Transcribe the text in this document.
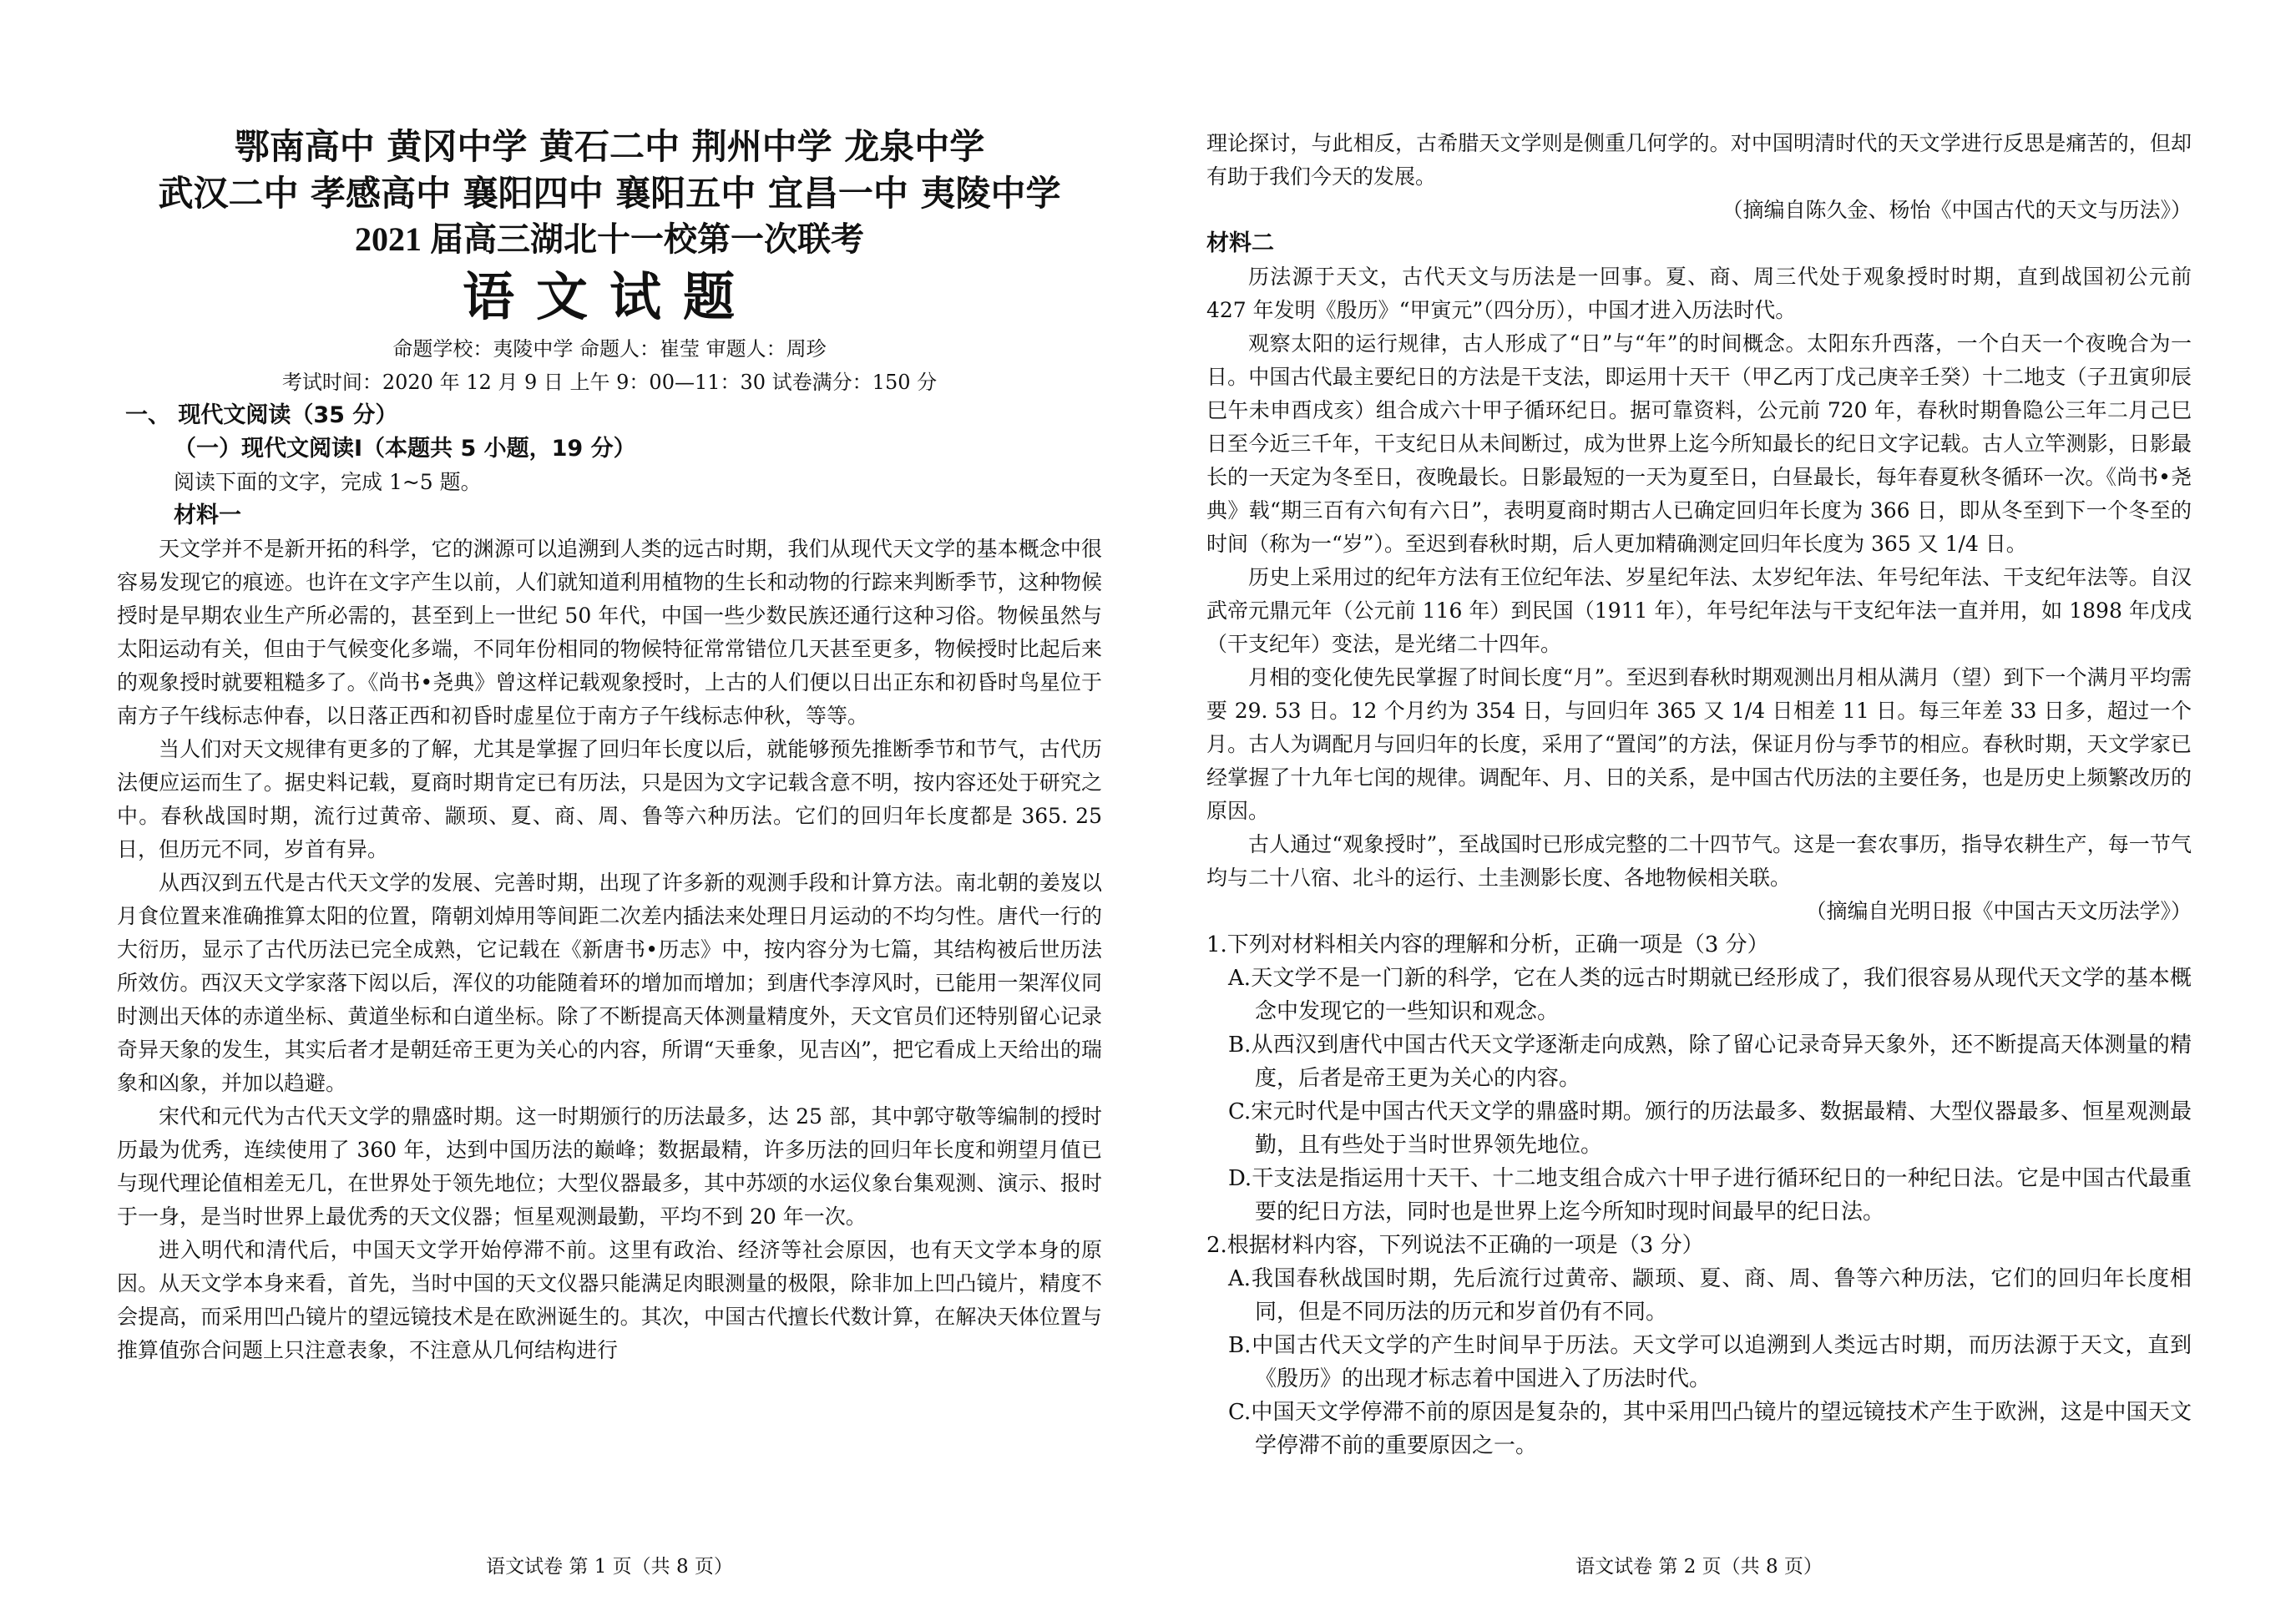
鄂南高中 黄冈中学 黄石二中 荆州中学 龙泉中学
武汉二中 孝感高中 襄阳四中 襄阳五中 宜昌一中 夷陵中学
2021 届高三湖北十一校第一次联考
语文试题
命题学校：夷陵中学 命题人：崔莹 审题人：周珍
考试时间：2020 年 12 月 9 日 上午 9：00—11：30 试卷满分：150 分
一、 现代文阅读（35 分）
（一）现代文阅读Ⅰ（本题共 5 小题，19 分）
阅读下面的文字，完成 1~5 题。
材料一

天文学并不是新开拓的科学，它的渊源可以追溯到人类的远古时期，我们从现代天文学的基本概念中很容易发现它的痕迹。也许在文字产生以前，人们就知道利用植物的生长和动物的行踪来判断季节，这种物候授时是早期农业生产所必需的，甚至到上一世纪 50 年代，中国一些少数民族还通行这种习俗。物候虽然与太阳运动有关，但由于气候变化多端，不同年份相同的物候特征常常错位几天甚至更多，物候授时比起后来的观象授时就要粗糙多了。《尚书•尧典》曾这样记载观象授时，上古的人们便以日出正东和初昏时鸟星位于南方子午线标志仲春，以日落正西和初昏时虚星位于南方子午线标志仲秋，等等。

当人们对天文规律有更多的了解，尤其是掌握了回归年长度以后，就能够预先推断季节和节气，古代历法便应运而生了。据史料记载，夏商时期肯定已有历法，只是因为文字记载含意不明，按内容还处于研究之中。春秋战国时期，流行过黄帝、颛顼、夏、商、周、鲁等六种历法。它们的回归年长度都是 365. 25 日，但历元不同，岁首有异。

从西汉到五代是古代天文学的发展、完善时期，出现了许多新的观测手段和计算方法。南北朝的姜岌以月食位置来准确推算太阳的位置，隋朝刘焯用等间距二次差内插法来处理日月运动的不均匀性。唐代一行的大衍历，显示了古代历法已完全成熟，它记载在《新唐书•历志》中，按内容分为七篇，其结构被后世历法所效仿。西汉天文学家落下闳以后，浑仪的功能随着环的增加而增加；到唐代李淳风时，已能用一架浑仪同时测出天体的赤道坐标、黄道坐标和白道坐标。除了不断提高天体测量精度外，天文官员们还特别留心记录奇异天象的发生，其实后者才是朝廷帝王更为关心的内容，所谓“天垂象，见吉凶”，把它看成上天给出的瑞象和凶象，并加以趋避。

宋代和元代为古代天文学的鼎盛时期。这一时期颁行的历法最多，达 25 部，其中郭守敬等编制的授时历最为优秀，连续使用了 360 年，达到中国历法的巅峰；数据最精，许多历法的回归年长度和朔望月值已与现代理论值相差无几，在世界处于领先地位；大型仪器最多，其中苏颂的水运仪象台集观测、演示、报时于一身，是当时世界上最优秀的天文仪器；恒星观测最勤，平均不到 20 年一次。

进入明代和清代后，中国天文学开始停滞不前。这里有政治、经济等社会原因，也有天文学本身的原因。从天文学本身来看，首先，当时中国的天文仪器只能满足肉眼测量的极限，除非加上凹凸镜片，精度不会提高，而采用凹凸镜片的望远镜技术是在欧洲诞生的。其次，中国古代擅长代数计算，在解决天体位置与推算值弥合问题上只注意表象，不注意从几何结构进行

语文试卷 第 1 页（共 8 页）

理论探讨，与此相反，古希腊天文学则是侧重几何学的。对中国明清时代的天文学进行反思是痛苦的，但却有助于我们今天的发展。

（摘编自陈久金、杨怡《中国古代的天文与历法》）
材料二

历法源于天文，古代天文与历法是一回事。夏、商、周三代处于观象授时时期，直到战国初公元前 427 年发明《殷历》“甲寅元”（四分历），中国才进入历法时代。

观察太阳的运行规律，古人形成了“日”与“年”的时间概念。太阳东升西落，一个白天一个夜晚合为一日。中国古代最主要纪日的方法是干支法，即运用十天干（甲乙丙丁戊己庚辛壬癸）十二地支（子丑寅卯辰巳午未申酉戌亥）组合成六十甲子循环纪日。据可靠资料，公元前 720 年，春秋时期鲁隐公三年二月己巳日至今近三千年，干支纪日从未间断过，成为世界上迄今所知最长的纪日文字记载。古人立竿测影，日影最长的一天定为冬至日，夜晚最长。日影最短的一天为夏至日，白昼最长，每年春夏秋冬循环一次。《尚书•尧典》载“期三百有六旬有六日”，表明夏商时期古人已确定回归年长度为 366 日，即从冬至到下一个冬至的时间（称为一“岁”）。至迟到春秋时期，后人更加精确测定回归年长度为 365 又 1/4 日。

历史上采用过的纪年方法有王位纪年法、岁星纪年法、太岁纪年法、年号纪年法、干支纪年法等。自汉武帝元鼎元年（公元前 116 年）到民国（1911 年），年号纪年法与干支纪年法一直并用，如 1898 年戊戌（干支纪年）变法，是光绪二十四年。

月相的变化使先民掌握了时间长度“月”。至迟到春秋时期观测出月相从满月（望）到下一个满月平均需要 29. 53 日。12 个月约为 354 日，与回归年 365 又 1/4 日相差 11 日。每三年差 33 日多，超过一个月。古人为调配月与回归年的长度，采用了“置闰”的方法，保证月份与季节的相应。春秋时期，天文学家已经掌握了十九年七闰的规律。调配年、月、日的关系，是中国古代历法的主要任务，也是历史上频繁改历的原因。

古人通过“观象授时”，至战国时已形成完整的二十四节气。这是一套农事历，指导农耕生产，每一节气均与二十八宿、北斗的运行、土圭测影长度、各地物候相关联。

（摘编自光明日报《中国古天文历法学》）
1.下列对材料相关内容的理解和分析，正确一项是（3 分）
A.天文学不是一门新的科学，它在人类的远古时期就已经形成了，我们很容易从现代天文学的基本概念中发现它的一些知识和观念。
B.从西汉到唐代中国古代天文学逐渐走向成熟，除了留心记录奇异天象外，还不断提高天体测量的精度，后者是帝王更为关心的内容。
C.宋元时代是中国古代天文学的鼎盛时期。颁行的历法最多、数据最精、大型仪器最多、恒星观测最勤，且有些处于当时世界领先地位。
D.干支法是指运用十天干、十二地支组合成六十甲子进行循环纪日的一种纪日法。它是中国古代最重要的纪日方法，同时也是世界上迄今所知时现时间最早的纪日法。
2.根据材料内容，下列说法不正确的一项是（3 分）
A.我国春秋战国时期，先后流行过黄帝、颛顼、夏、商、周、鲁等六种历法，它们的回归年长度相同，但是不同历法的历元和岁首仍有不同。
B.中国古代天文学的产生时间早于历法。天文学可以追溯到人类远古时期，而历法源于天文，直到《殷历》的出现才标志着中国进入了历法时代。
C.中国天文学停滞不前的原因是复杂的，其中采用凹凸镜片的望远镜技术产生于欧洲，这是中国天文学停滞不前的重要原因之一。
语文试卷 第 2 页（共 8 页）
